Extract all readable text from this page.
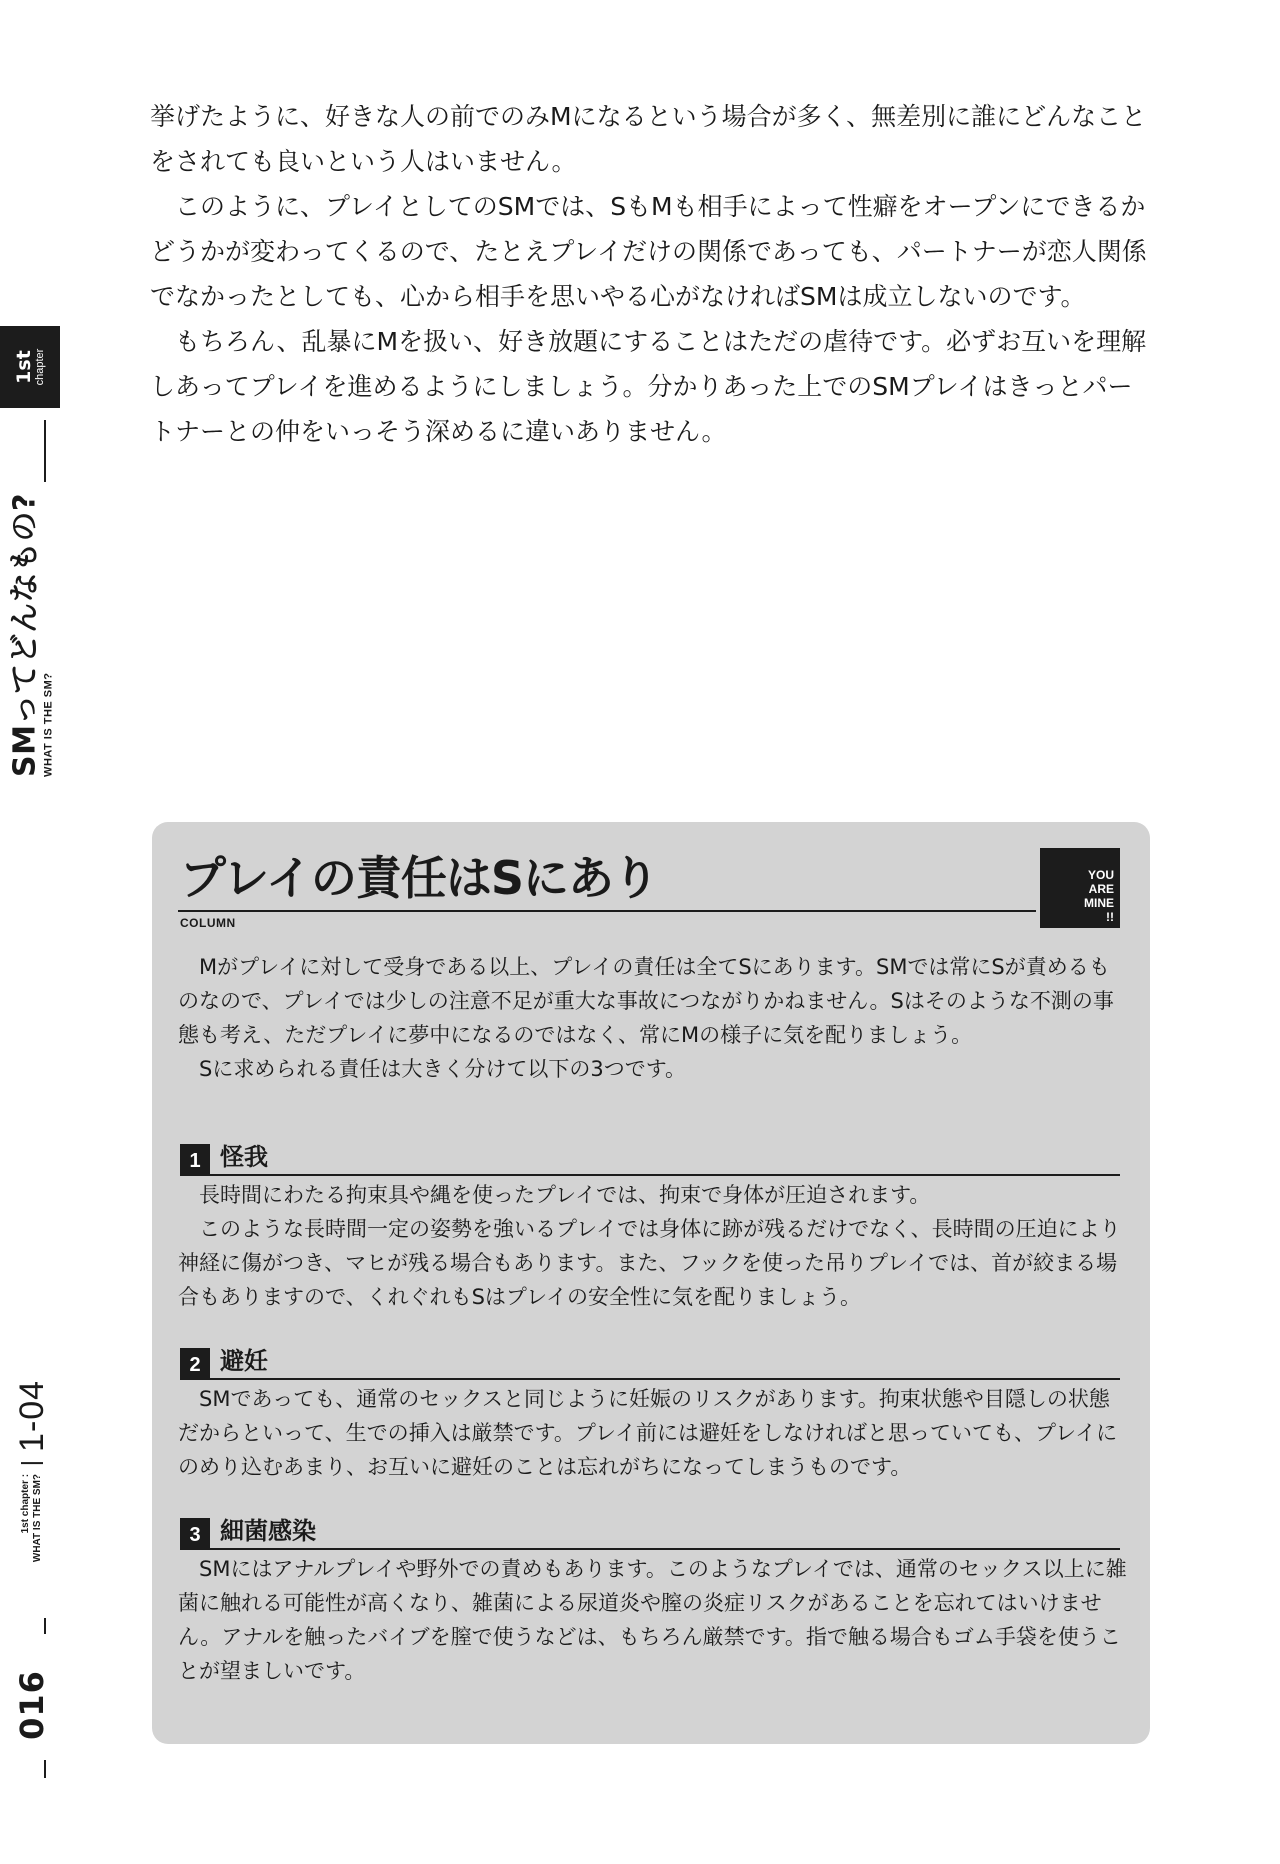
1st chapter
SMってどんなもの? WHAT IS THE SM?
1st chapter : WHAT IS THE SM?
1-04
016

挙げたように、好きな人の前でのみMになるという場合が多く、無差別に誰にどんなことをされても良いという人はいません。

このように、プレイとしてのSMでは、SもMも相手によって性癖をオープンにできるかどうかが変わってくるので、たとえプレイだけの関係であっても、パートナーが恋人関係でなかったとしても、心から相手を思いやる心がなければSMは成立しないのです。

もちろん、乱暴にMを扱い、好き放題にすることはただの虐待です。必ずお互いを理解しあってプレイを進めるようにしましょう。分かりあった上でのSMプレイはきっとパートナーとの仲をいっそう深めるに違いありません。

プレイの責任はSにあり
COLUMN
YOU
ARE
MINE
!!

Mがプレイに対して受身である以上、プレイの責任は全てSにあります。SMでは常にSが責めるものなので、プレイでは少しの注意不足が重大な事故につながりかねません。Sはそのような不測の事態も考え、ただプレイに夢中になるのではなく、常にMの様子に気を配りましょう。

Sに求められる責任は大きく分けて以下の3つです。

1 怪我

長時間にわたる拘束具や縄を使ったプレイでは、拘束で身体が圧迫されます。

このような長時間一定の姿勢を強いるプレイでは身体に跡が残るだけでなく、長時間の圧迫により神経に傷がつき、マヒが残る場合もあります。また、フックを使った吊りプレイでは、首が絞まる場合もありますので、くれぐれもSはプレイの安全性に気を配りましょう。

2 避妊

SMであっても、通常のセックスと同じように妊娠のリスクがあります。拘束状態や目隠しの状態だからといって、生での挿入は厳禁です。プレイ前には避妊をしなければと思っていても、プレイにのめり込むあまり、お互いに避妊のことは忘れがちになってしまうものです。

3 細菌感染

SMにはアナルプレイや野外での責めもあります。このようなプレイでは、通常のセックス以上に雑菌に触れる可能性が高くなり、雑菌による尿道炎や膣の炎症リスクがあることを忘れてはいけません。アナルを触ったバイブを膣で使うなどは、もちろん厳禁です。指で触る場合もゴム手袋を使うことが望ましいです。
